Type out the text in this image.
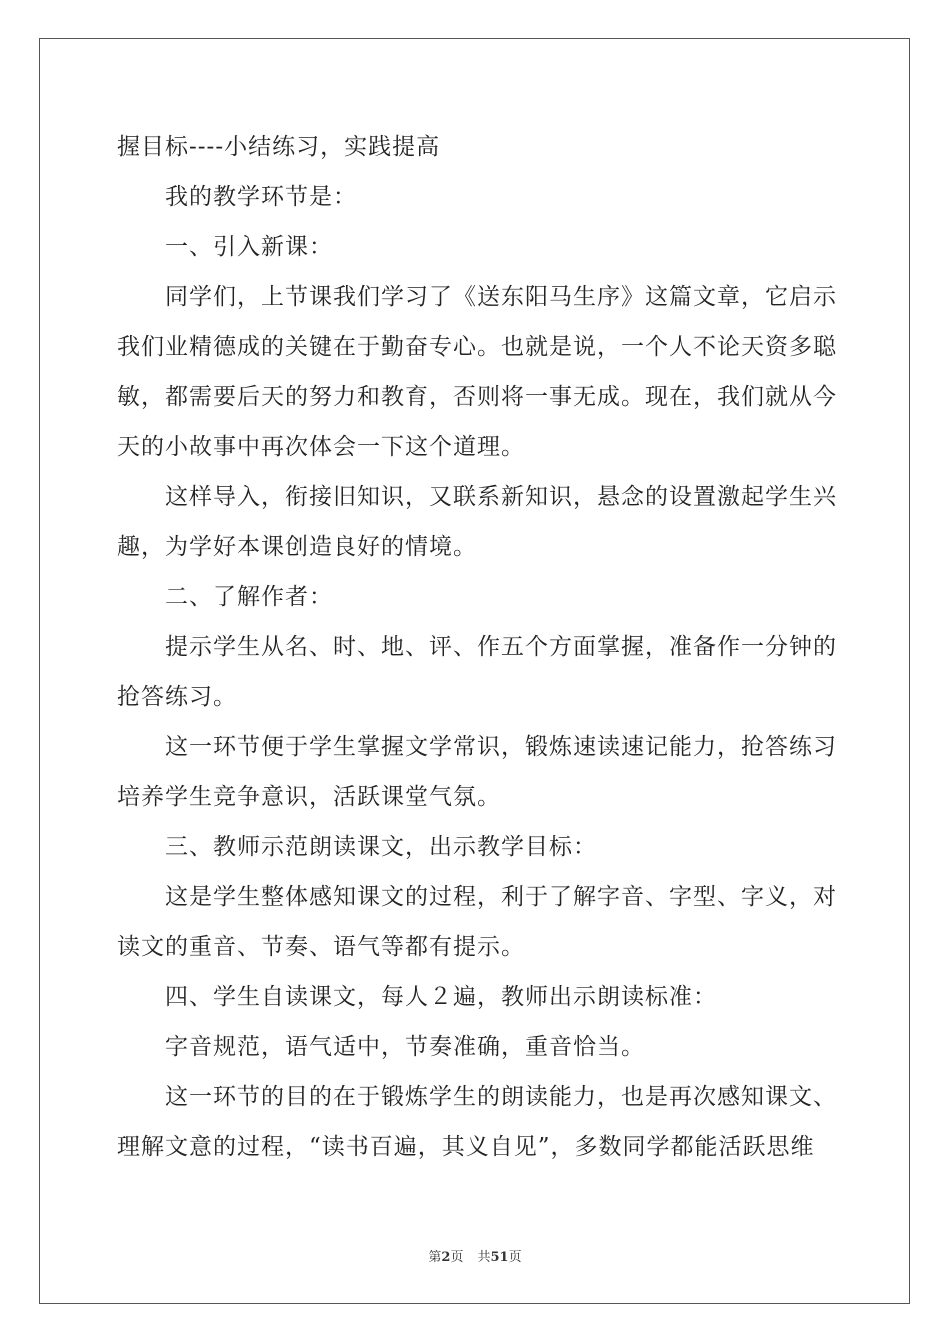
握目标----小结练习，实践提高

我的教学环节是：

一、引入新课：

同学们，上节课我们学习了《送东阳马生序》这篇文章，它启示我们业精德成的关键在于勤奋专心。也就是说，一个人不论天资多聪敏，都需要后天的努力和教育，否则将一事无成。现在，我们就从今天的小故事中再次体会一下这个道理。

这样导入，衔接旧知识，又联系新知识，悬念的设置激起学生兴趣，为学好本课创造良好的情境。

二、了解作者：

提示学生从名、时、地、评、作五个方面掌握，准备作一分钟的抢答练习。

这一环节便于学生掌握文学常识，锻炼速读速记能力，抢答练习培养学生竞争意识，活跃课堂气氛。

三、教师示范朗读课文，出示教学目标：

这是学生整体感知课文的过程，利于了解字音、字型、字义，对读文的重音、节奏、语气等都有提示。

四、学生自读课文，每人２遍，教师出示朗读标准：

字音规范，语气适中，节奏准确，重音恰当。

这一环节的目的在于锻炼学生的朗读能力，也是再次感知课文、理解文意的过程，“读书百遍，其义自见”，多数同学都能活跃思维

第2页 共51页
